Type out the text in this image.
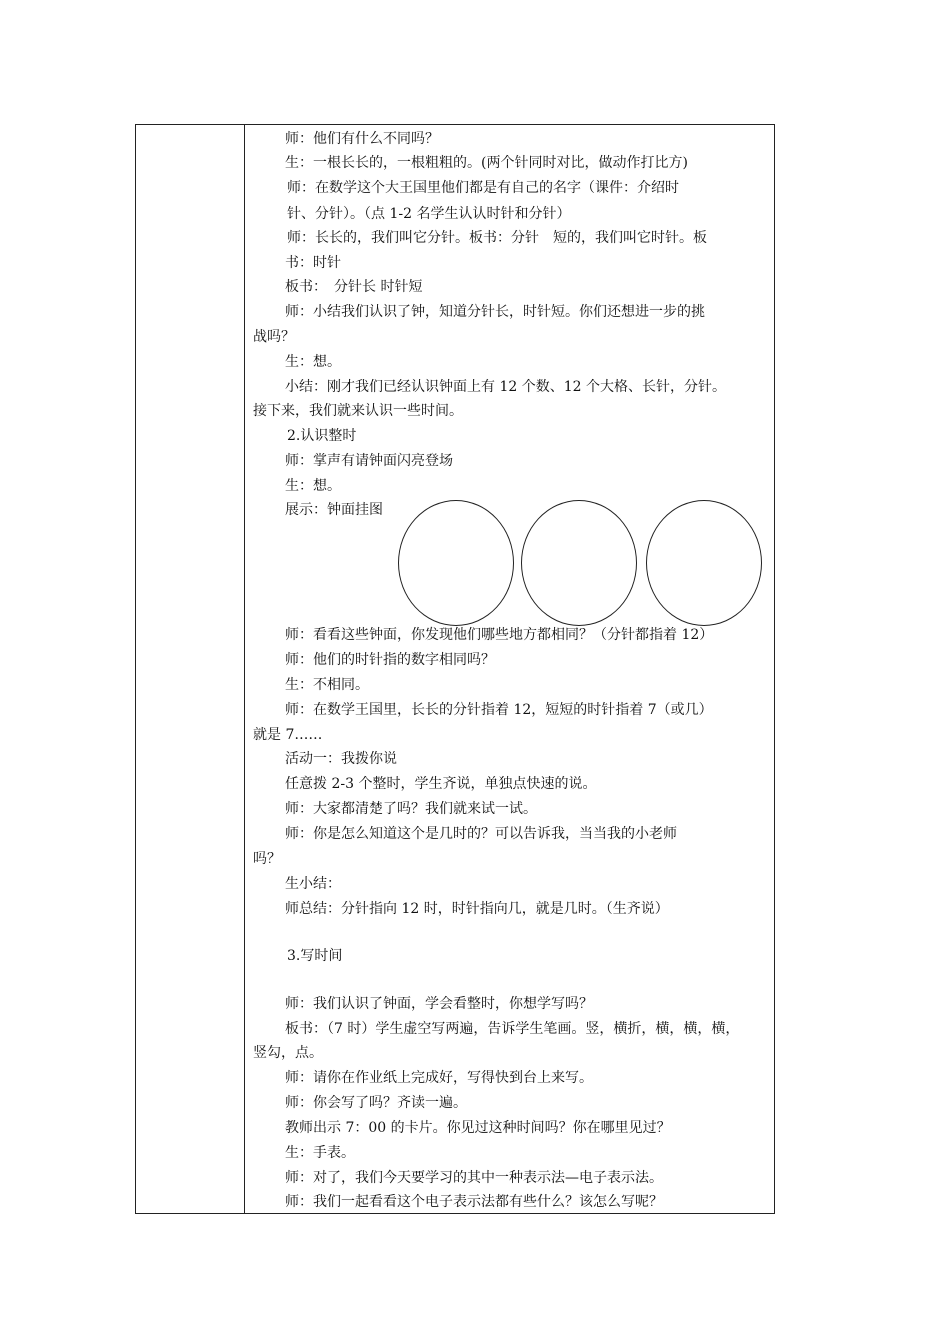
师：他们有什么不同吗？
生：一根长长的，一根粗粗的。(两个针同时对比，做动作打比方)
师：在数学这个大王国里他们都是有自己的名字（课件：介绍时
针、分针）。（点 1-2 名学生认认时针和分针）
师：长长的，我们叫它分针。板书：分针　短的，我们叫它时针。板
书：时针
板书：　分针长 时针短
师：小结我们认识了钟，知道分针长，时针短。你们还想进一步的挑
战吗？
生：想。
小结：刚才我们已经认识钟面上有 12 个数、12 个大格、长针，分针。
接下来，我们就来认识一些时间。
2.认识整时
师：掌声有请钟面闪亮登场
生：想。
展示：钟面挂图
师：看看这些钟面，你发现他们哪些地方都相同？（分针都指着 12）
师：他们的时针指的数字相同吗？
生：不相同。
师：在数学王国里，长长的分针指着 12，短短的时针指着 7（或几）
就是 7……
活动一：我拨你说
任意拨 2-3 个整时，学生齐说，单独点快速的说。
师：大家都清楚了吗？我们就来试一试。
师：你是怎么知道这个是几时的？可以告诉我，当当我的小老师
吗？
生小结：
师总结：分针指向 12 时，时针指向几，就是几时。（生齐说）
3.写时间
师：我们认识了钟面，学会看整时，你想学写吗？
板书：（7 时）学生虚空写两遍，告诉学生笔画。竖，横折，横，横，横，
竖勾，点。
师：请你在作业纸上完成好，写得快到台上来写。
师：你会写了吗？齐读一遍。
教师出示 7：00 的卡片。你见过这种时间吗？你在哪里见过？
生：手表。
师：对了，我们今天要学习的其中一种表示法—电子表示法。
师：我们一起看看这个电子表示法都有些什么？该怎么写呢？
